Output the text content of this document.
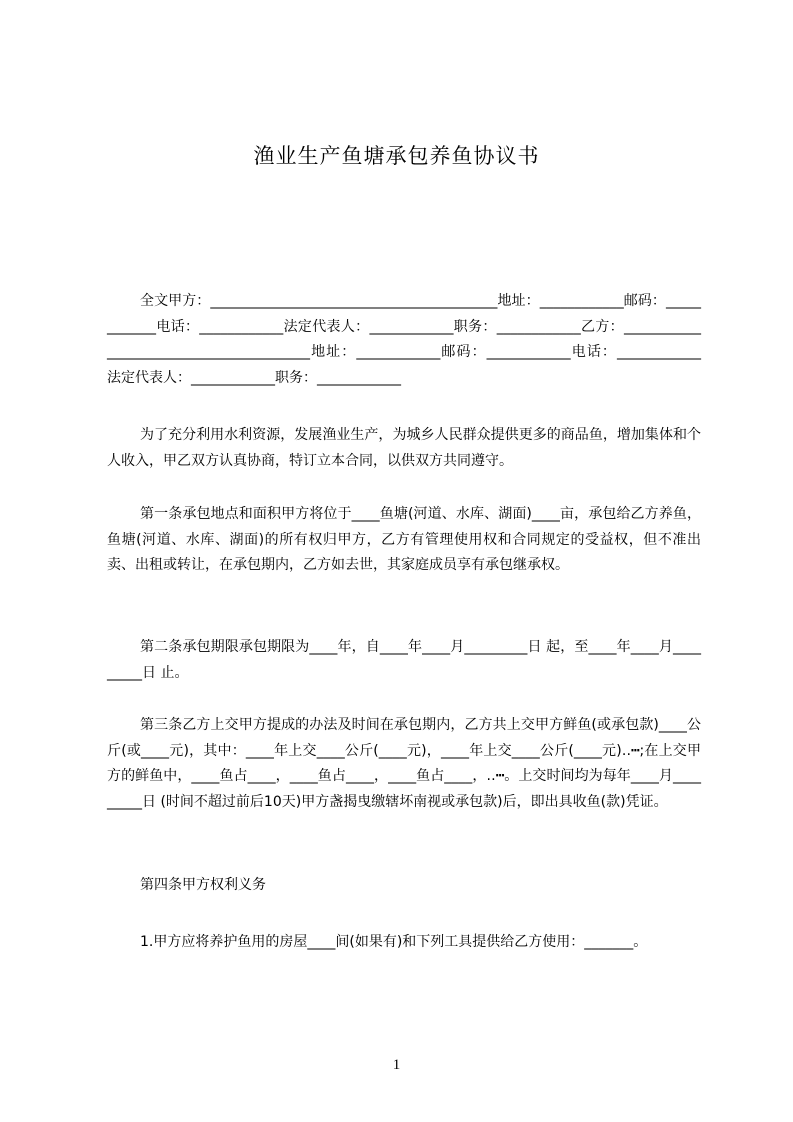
渔业生产鱼塘承包养鱼协议书
全文甲方：_________________________________________地址：____________邮码：____________电话：____________法定代表人：____________职务：____________乙方：________________________________________地址：____________邮码：____________电话：____________法定代表人：____________职务：____________
为了充分利用水利资源，发展渔业生产，为城乡人民群众提供更多的商品鱼，增加集体和个人收入，甲乙双方认真协商，特订立本合同，以供双方共同遵守。
第一条承包地点和面积甲方将位于____鱼塘(河道、水库、湖面)____亩，承包给乙方养鱼，鱼塘(河道、水库、湖面)的所有权归甲方，乙方有管理使用权和合同规定的受益权，但不准出卖、出租或转让，在承包期内，乙方如去世，其家庭成员享有承包继承权。
第二条承包期限承包期限为____年，自____年____月_________日 起，至____年____月_________日 止。
第三条乙方上交甲方提成的办法及时间在承包期内，乙方共上交甲方鲜鱼(或承包款)____公斤(或____元)，其中：____年上交____公斤(____元)，____年上交____公斤(____元)‥┅;在上交甲方的鲜鱼中，____鱼占____，____鱼占____，____鱼占____，‥┅。上交时间均为每年____月_________日 (时间不超过前后10天)甲方盏揭曳缴辖坏南视或承包款)后，即出具收鱼(款)凭证。
第四条甲方权利义务
1.甲方应将养护鱼用的房屋____间(如果有)和下列工具提供给乙方使用：_______。
1
